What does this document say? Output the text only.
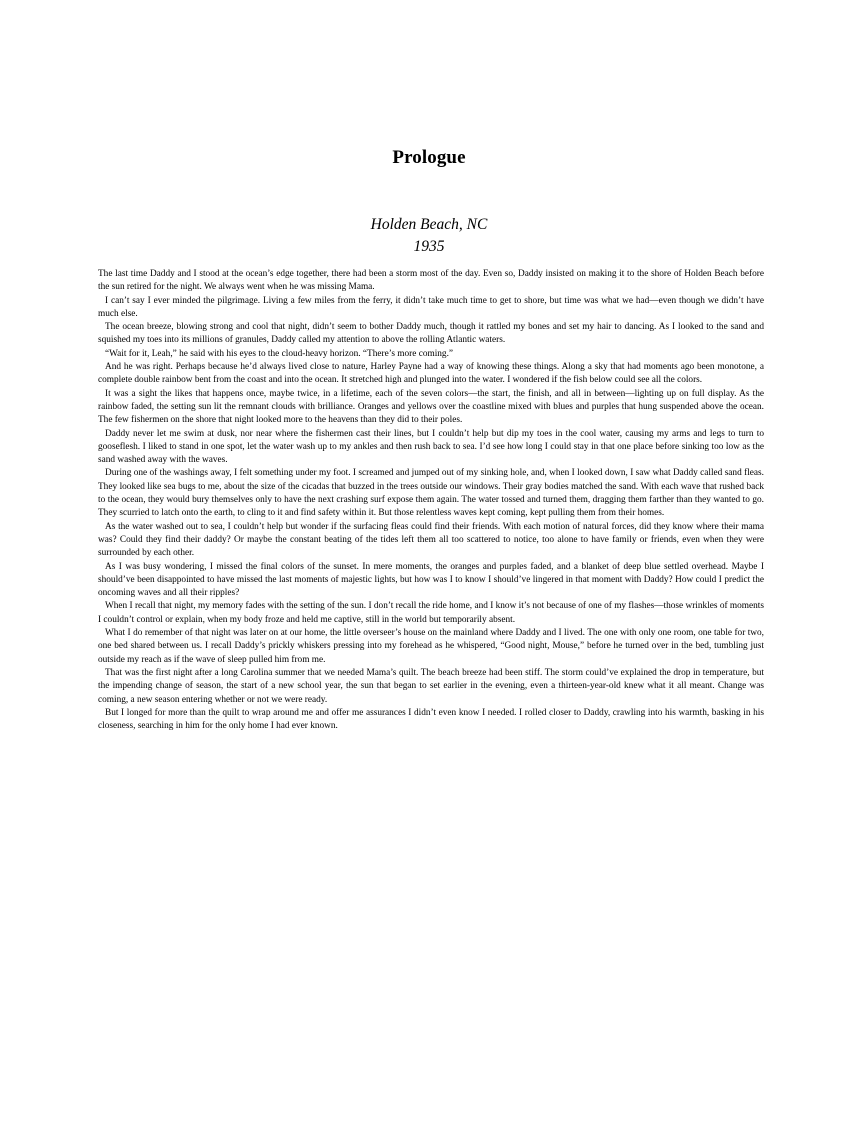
Prologue
Holden Beach, NC
1935

The last time Daddy and I stood at the ocean’s edge together, there had been a storm most of the day. Even so, Daddy insisted on making it to the shore of Holden Beach before the sun retired for the night. We always went when he was missing Mama.

I can’t say I ever minded the pilgrimage. Living a few miles from the ferry, it didn’t take much time to get to shore, but time was what we had—even though we didn’t have much else.

The ocean breeze, blowing strong and cool that night, didn’t seem to bother Daddy much, though it rattled my bones and set my hair to dancing. As I looked to the sand and squished my toes into its millions of granules, Daddy called my attention to above the rolling Atlantic waters.

“Wait for it, Leah,” he said with his eyes to the cloud-heavy horizon. “There’s more coming.”

And he was right. Perhaps because he’d always lived close to nature, Harley Payne had a way of knowing these things. Along a sky that had moments ago been monotone, a complete double rainbow bent from the coast and into the ocean. It stretched high and plunged into the water. I wondered if the fish below could see all the colors.

It was a sight the likes that happens once, maybe twice, in a lifetime, each of the seven colors—the start, the finish, and all in between—lighting up on full display. As the rainbow faded, the setting sun lit the remnant clouds with brilliance. Oranges and yellows over the coastline mixed with blues and purples that hung suspended above the ocean. The few fishermen on the shore that night looked more to the heavens than they did to their poles.

Daddy never let me swim at dusk, nor near where the fishermen cast their lines, but I couldn’t help but dip my toes in the cool water, causing my arms and legs to turn to gooseflesh. I liked to stand in one spot, let the water wash up to my ankles and then rush back to sea. I’d see how long I could stay in that one place before sinking too low as the sand washed away with the waves.

During one of the washings away, I felt something under my foot. I screamed and jumped out of my sinking hole, and, when I looked down, I saw what Daddy called sand fleas. They looked like sea bugs to me, about the size of the cicadas that buzzed in the trees outside our windows. Their gray bodies matched the sand. With each wave that rushed back to the ocean, they would bury themselves only to have the next crashing surf expose them again. The water tossed and turned them, dragging them farther than they wanted to go. They scurried to latch onto the earth, to cling to it and find safety within it. But those relentless waves kept coming, kept pulling them from their homes.

As the water washed out to sea, I couldn’t help but wonder if the surfacing fleas could find their friends. With each motion of natural forces, did they know where their mama was? Could they find their daddy? Or maybe the constant beating of the tides left them all too scattered to notice, too alone to have family or friends, even when they were surrounded by each other.

As I was busy wondering, I missed the final colors of the sunset. In mere moments, the oranges and purples faded, and a blanket of deep blue settled overhead. Maybe I should’ve been disappointed to have missed the last moments of majestic lights, but how was I to know I should’ve lingered in that moment with Daddy? How could I predict the oncoming waves and all their ripples?

When I recall that night, my memory fades with the setting of the sun. I don’t recall the ride home, and I know it’s not because of one of my flashes—those wrinkles of moments I couldn’t control or explain, when my body froze and held me captive, still in the world but temporarily absent.

What I do remember of that night was later on at our home, the little overseer’s house on the mainland where Daddy and I lived. The one with only one room, one table for two, one bed shared between us. I recall Daddy’s prickly whiskers pressing into my forehead as he whispered, “Good night, Mouse,” before he turned over in the bed, tumbling just outside my reach as if the wave of sleep pulled him from me.

That was the first night after a long Carolina summer that we needed Mama’s quilt. The beach breeze had been stiff. The storm could’ve explained the drop in temperature, but the impending change of season, the start of a new school year, the sun that began to set earlier in the evening, even a thirteen-year-old knew what it all meant. Change was coming, a new season entering whether or not we were ready.

But I longed for more than the quilt to wrap around me and offer me assurances I didn’t even know I needed. I rolled closer to Daddy, crawling into his warmth, basking in his closeness, searching in him for the only home I had ever known.
